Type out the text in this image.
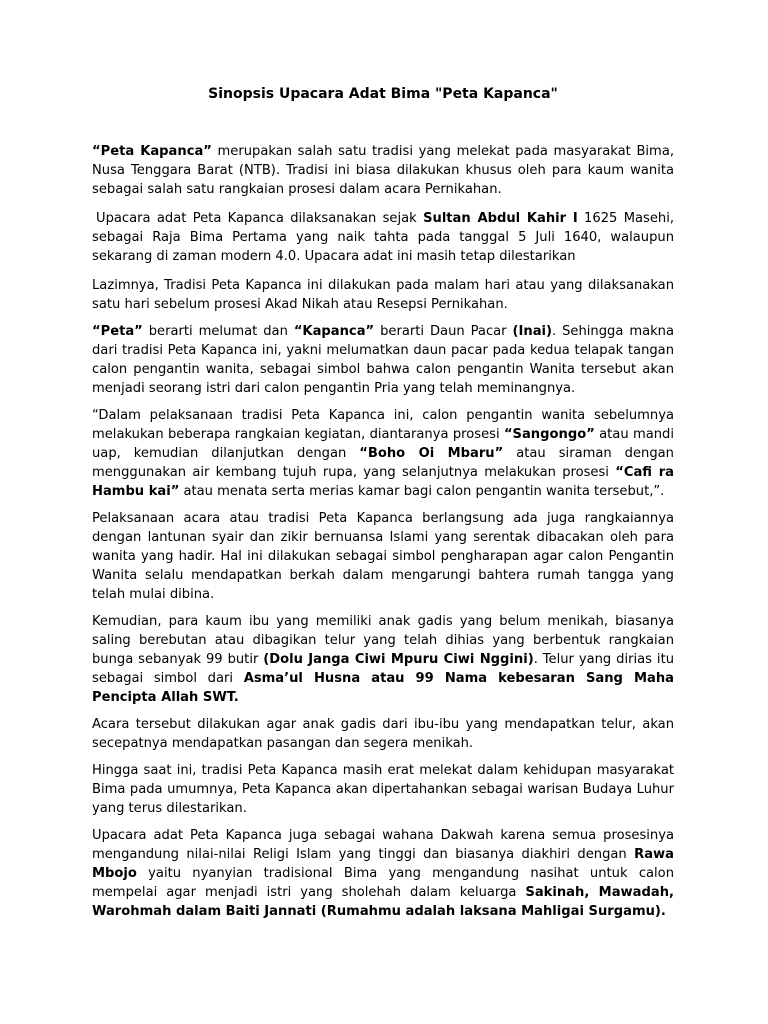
Sinopsis Upacara Adat Bima "Peta Kapanca"

“Peta Kapanca” merupakan salah satu tradisi yang melekat pada masyarakat Bima, Nusa Tenggara Barat (NTB). Tradisi ini biasa dilakukan khusus oleh para kaum wanita sebagai salah satu rangkaian prosesi dalam acara Pernikahan.

Upacara adat Peta Kapanca dilaksanakan sejak Sultan Abdul Kahir I 1625 Masehi, sebagai Raja Bima Pertama yang naik tahta pada tanggal 5 Juli 1640, walaupun sekarang di zaman modern 4.0. Upacara adat ini masih tetap dilestarikan

Lazimnya, Tradisi Peta Kapanca ini dilakukan pada malam hari atau yang dilaksanakan satu hari sebelum prosesi Akad Nikah atau Resepsi Pernikahan.

“Peta” berarti melumat dan “Kapanca” berarti Daun Pacar (Inai). Sehingga makna dari tradisi Peta Kapanca ini, yakni melumatkan daun pacar pada kedua telapak tangan calon pengantin wanita, sebagai simbol bahwa calon pengantin Wanita tersebut akan menjadi seorang istri dari calon pengantin Pria yang telah meminangnya.

“Dalam pelaksanaan tradisi Peta Kapanca ini, calon pengantin wanita sebelumnya melakukan beberapa rangkaian kegiatan, diantaranya prosesi “Sangongo” atau mandi uap, kemudian dilanjutkan dengan “Boho Oi Mbaru” atau siraman dengan menggunakan air kembang tujuh rupa, yang selanjutnya melakukan prosesi “Cafi ra Hambu kai” atau menata serta merias kamar bagi calon pengantin wanita tersebut,”.

Pelaksanaan acara atau tradisi Peta Kapanca berlangsung ada juga rangkaiannya dengan lantunan syair dan zikir bernuansa Islami yang serentak dibacakan oleh para wanita yang hadir. Hal ini dilakukan sebagai simbol pengharapan agar calon Pengantin Wanita selalu mendapatkan berkah dalam mengarungi bahtera rumah tangga yang telah mulai dibina.

Kemudian, para kaum ibu yang memiliki anak gadis yang belum menikah, biasanya saling berebutan atau dibagikan telur yang telah dihias yang berbentuk rangkaian bunga sebanyak 99 butir (Dolu Janga Ciwi Mpuru Ciwi Nggini). Telur yang dirias itu sebagai simbol dari Asma’ul Husna atau 99 Nama kebesaran Sang Maha Pencipta Allah SWT.

Acara tersebut dilakukan agar anak gadis dari ibu-ibu yang mendapatkan telur, akan secepatnya mendapatkan pasangan dan segera menikah.

Hingga saat ini, tradisi Peta Kapanca masih erat melekat dalam kehidupan masyarakat Bima pada umumnya, Peta Kapanca akan dipertahankan sebagai warisan Budaya Luhur yang terus dilestarikan.

Upacara adat Peta Kapanca juga sebagai wahana Dakwah karena semua prosesinya mengandung nilai-nilai Religi Islam yang tinggi dan biasanya diakhiri dengan Rawa Mbojo yaitu nyanyian tradisional Bima yang mengandung nasihat untuk calon mempelai agar menjadi istri yang sholehah dalam keluarga Sakinah, Mawadah, Warohmah dalam Baiti Jannati (Rumahmu adalah laksana Mahligai Surgamu).
